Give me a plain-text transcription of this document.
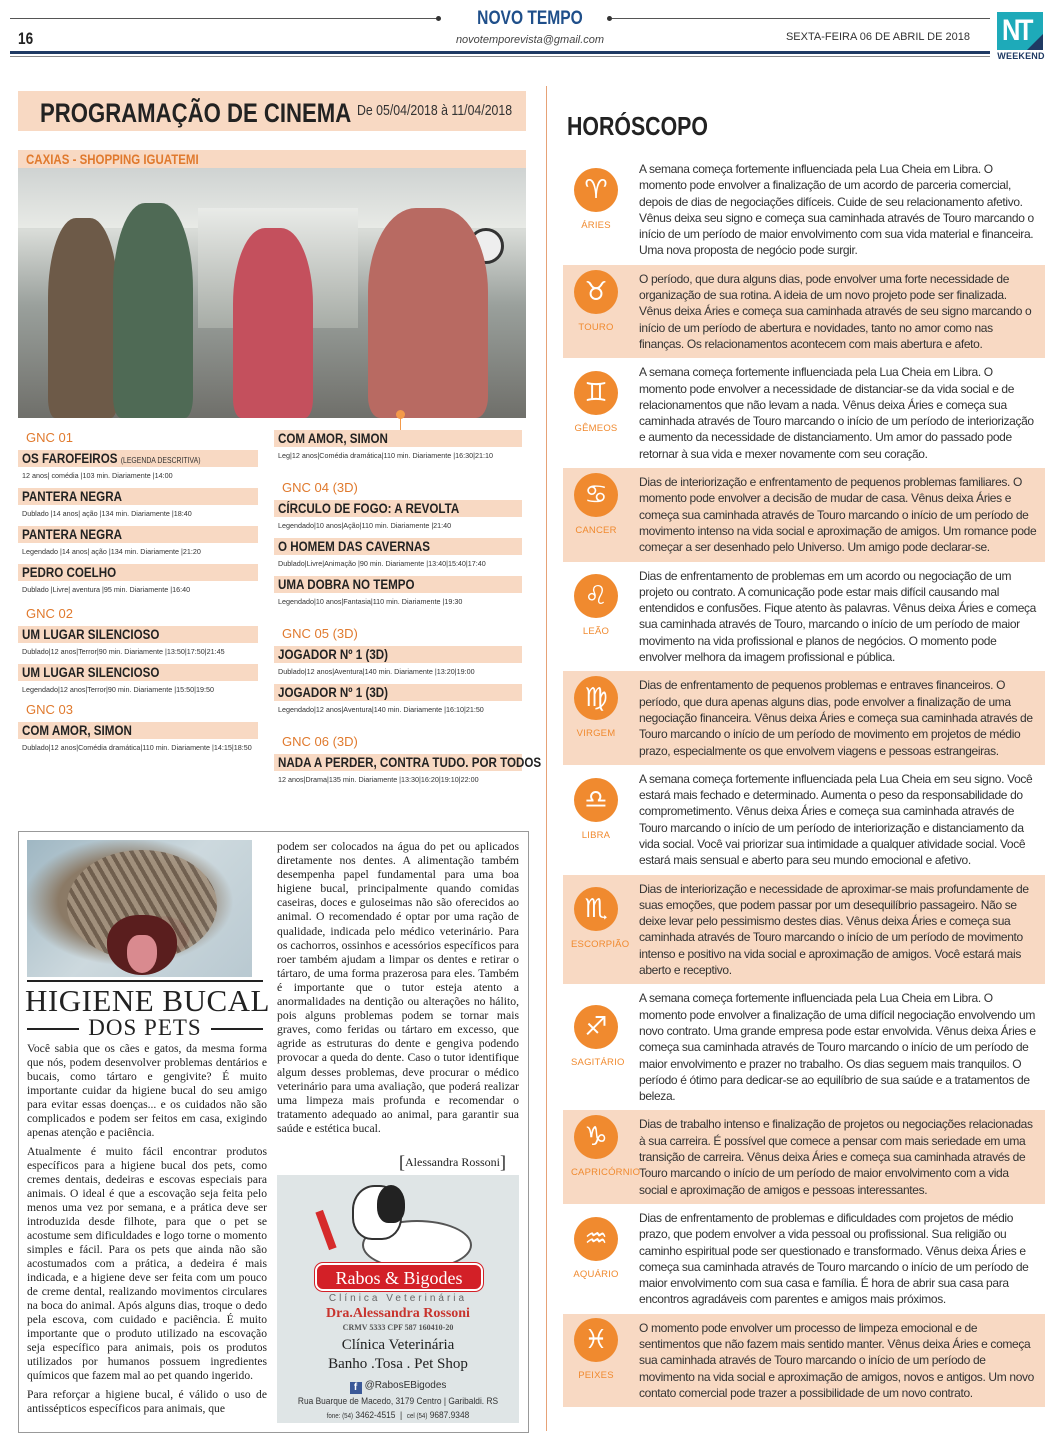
NOVO TEMPO
novotemporevista@gmail.com
16	SEXTA-FEIRA 06 DE ABRIL DE 2018 NT
WEEKEND
PROGRAMAÇÃO DE CINEMA De 05/04/2018 à 11/04/2018
CAXIAS - SHOPPING IGUATEMI
GNC 01
OS FAROFEIROS (LEGENDA DESCRITIVA)
12 anos| comédia |103 min. Diariamente |14:00
PANTERA NEGRA
Dublado |14 anos| ação |134 min. Diariamente |18:40
PANTERA NEGRA
Legendado |14 anos| ação |134 min. Diariamente |21:20
PEDRO COELHO
Dublado |Livre| aventura |95 min. Diariamente |16:40
GNC 02
UM LUGAR SILENCIOSO
Dublado|12 anos|Terror|90 min. Diariamente |13:50|17:50|21:45
UM LUGAR SILENCIOSO
Legendado|12 anos|Terror|90 min. Diariamente |15:50|19:50
GNC 03
COM AMOR, SIMON
Dublado|12 anos|Comédia dramática|110 min. Diariamente |14:15|18:50
COM AMOR, SIMON
Leg|12 anos|Comédia dramática|110 min. Diariamente |16:30|21:10
GNC 04 (3D)
CÍRCULO DE FOGO: A REVOLTA
Legendado|10 anos|Ação|110 min. Diariamente |21:40
O HOMEM DAS CAVERNAS
Dublado|Livre|Animação |90 min. Diariamente |13:40|15:40|17:40
UMA DOBRA NO TEMPO
Legendado|10 anos|Fantasia|110 min. Diariamente |19:30
GNC 05 (3D)
JOGADOR Nº 1 (3D)
Dublado|12 anos|Aventura|140 min. Diariamente |13:20|19:00
JOGADOR Nº 1 (3D)
Legendado|12 anos|Aventura|140 min. Diariamente |16:10|21:50
GNC 06 (3D)
NADA A PERDER, CONTRA TUDO. POR TODOS
12 anos|Drama|135 min. Diariamente |13:30|16:20|19:10|22:00
HIGIENE BUCAL
DOS PETS

Você sabia que os cães e gatos, da mesma forma que nós, podem desenvolver problemas dentários e bucais, como tártaro e gengivite? É muito importante cuidar da higiene bucal do seu amigo para evitar essas doenças... e os cuidados não são complicados e podem ser feitos em casa, exigindo apenas atenção e paciência.

Atualmente é muito fácil encontrar produtos específicos para a higiene bucal dos pets, como cremes dentais, dedeiras e escovas especiais para animais. O ideal é que a escovação seja feita pelo menos uma vez por semana, e a prática deve ser introduzida desde filhote, para que o pet se acostume sem dificuldades e logo torne o momento simples e fácil. Para os pets que ainda não são acostumados com a prática, a dedeira é mais indicada, e a higiene deve ser feita com um pouco de creme dental, realizando movimentos circulares na boca do animal. Após alguns dias, troque o dedo pela escova, com cuidado e paciência. É muito importante que o produto utilizado na escovação seja específico para animais, pois os produtos utilizados por humanos possuem ingredientes químicos que fazem mal ao pet quando ingerido.

Para reforçar a higiene bucal, é válido o uso de antissépticos específicos para animais, que

podem ser colocados na água do pet ou aplicados diretamente nos dentes. A alimentação também desempenha papel fundamental para uma boa higiene bucal, principalmente quando comidas caseiras, doces e guloseimas não são oferecidos ao animal. O recomendado é optar por uma ração de qualidade, indicada pelo médico veterinário. Para os cachorros, ossinhos e acessórios específicos para roer também ajudam a limpar os dentes e retirar o tártaro, de uma forma prazerosa para eles. Também é importante que o tutor esteja atento a anormalidades na dentição ou alterações no hálito, pois alguns problemas podem se tornar mais graves, como feridas ou tártaro em excesso, que agride as estruturas do dente e gengiva podendo provocar a queda do dente. Caso o tutor identifique algum desses problemas, deve procurar o médico veterinário para uma avaliação, que poderá realizar uma limpeza mais profunda e recomendar o tratamento adequado ao animal, para garantir sua saúde e estética bucal.

[Alessandra Rossoni]
Rabos & Bigodes
Clínica Veterinária
Dra.Alessandra Rossoni
CRMV 5333 CPF 587 160410-20
Clínica Veterinária
Banho .Tosa . Pet Shop
f @RabosEBigodes
Rua Buarque de Macedo, 3179 Centro | Garibaldi. RS
fone: (54) 3462-4515  |  cel (54) 9687.9348
HORÓSCOPO
♈
ÁRIES

A semana começa fortemente influenciada pela Lua Cheia em Libra. O momento pode envolver a finalização de um acordo de parceria comercial, depois de dias de negociações difíceis. Cuide de seu relacionamento afetivo. Vênus deixa seu signo e começa sua caminhada através de Touro marcando o início de um período de maior envolvimento com sua vida material e financeira. Uma nova proposta de negócio pode surgir.

♉
TOURO

O período, que dura alguns dias, pode envolver uma forte necessidade de organização de sua rotina. A ideia de um novo projeto pode ser finalizada. Vênus deixa Áries e começa sua caminhada através de seu signo marcando o início de um período de abertura e novidades, tanto no amor como nas finanças. Os relacionamentos acontecem com mais abertura e afeto.

♊
GÊMEOS

A semana começa fortemente influenciada pela Lua Cheia em Libra. O momento pode envolver a necessidade de distanciar-se da vida social e de relacionamentos que não levam a nada. Vênus deixa Áries e começa sua caminhada através de Touro marcando o início de um período de interiorização e aumento da necessidade de distanciamento. Um amor do passado pode retornar à sua vida e mexer novamente com seu coração.

♋
CANCER

Dias de interiorização e enfrentamento de pequenos problemas familiares. O momento pode envolver a decisão de mudar de casa. Vênus deixa Áries e começa sua caminhada através de Touro marcando o início de um período de movimento intenso na vida social e aproximação de amigos. Um romance pode começar a ser desenhado pelo Universo. Um amigo pode declarar-se.

♌
LEÃO

Dias de enfrentamento de problemas em um acordo ou negociação de um projeto ou contrato. A comunicação pode estar mais difícil causando mal entendidos e confusões. Fique atento às palavras. Vênus deixa Áries e começa sua caminhada através de Touro, marcando o início de um período de maior movimento na vida profissional e planos de negócios. O momento pode envolver melhora da imagem profissional e pública.

♍
VIRGEM

Dias de enfrentamento de pequenos problemas e entraves financeiros. O período, que dura apenas alguns dias, pode envolver a finalização de uma negociação financeira. Vênus deixa Áries e começa sua caminhada através de Touro marcando o início de um período de movimento em projetos de médio prazo, especialmente os que envolvem viagens e pessoas estrangeiras.

♎
LIBRA

A semana começa fortemente influenciada pela Lua Cheia em seu signo. Você estará mais fechado e determinado. Aumenta o peso da responsabilidade do comprometimento. Vênus deixa Áries e começa sua caminhada através de Touro marcando o início de um período de interiorização e distanciamento da vida social. Você vai priorizar sua intimidade a qualquer atividade social. Você estará mais sensual e aberto para seu mundo emocional e afetivo.

♏
ESCORPIÃO

Dias de interiorização e necessidade de aproximar-se mais profundamente de suas emoções, que podem passar por um desequilíbrio passageiro. Não se deixe levar pelo pessimismo destes dias. Vênus deixa Áries e começa sua caminhada através de Touro marcando o início de um período de movimento intenso e positivo na vida social e aproximação de amigos. Você estará mais aberto e receptivo.

♐
SAGITÁRIO

A semana começa fortemente influenciada pela Lua Cheia em Libra. O momento pode envolver a finalização de uma difícil negociação envolvendo um novo contrato. Uma grande empresa pode estar envolvida. Vênus deixa Áries e começa sua caminhada através de Touro marcando o início de um período de maior envolvimento e prazer no trabalho. Os dias seguem mais tranquilos. O período é ótimo para dedicar-se ao equilíbrio de sua saúde e a tratamentos de beleza.

♑
CAPRICÓRNIO

Dias de trabalho intenso e finalização de projetos ou negociações relacionadas à sua carreira. É possível que comece a pensar com mais seriedade em uma transição de carreira. Vênus deixa Áries e começa sua caminhada através de Touro marcando o início de um período de maior envolvimento com a vida social e aproximação de amigos e pessoas interessantes.

♒
AQUÁRIO

Dias de enfrentamento de problemas e dificuldades com projetos de médio prazo, que podem envolver a vida pessoal ou profissional. Sua religião ou caminho espiritual pode ser questionado e transformado. Vênus deixa Áries e começa sua caminhada através de Touro marcando o início de um período de maior envolvimento com sua casa e família. É hora de abrir sua casa para encontros agradáveis com parentes e amigos mais próximos.

♓
PEIXES

O momento pode envolver um processo de limpeza emocional e de sentimentos que não fazem mais sentido manter. Vênus deixa Áries e começa sua caminhada através de Touro marcando o início de um período de movimento na vida social e aproximação de amigos, novos e antigos. Um novo contato comercial pode trazer a possibilidade de um novo contrato.
